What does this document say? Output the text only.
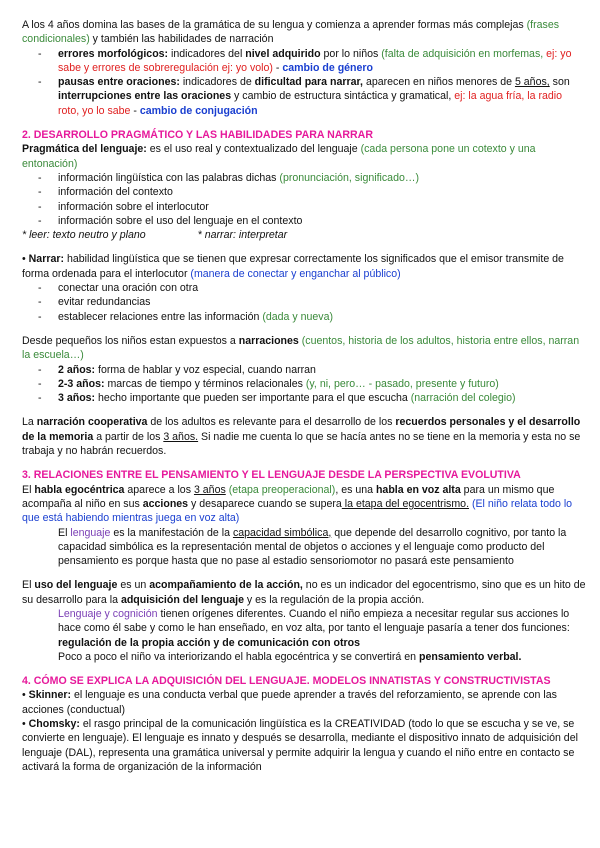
A los 4 años domina las bases de la gramática de su lengua y comienza a aprender formas más complejas (frases condicionales) y también las habilidades de narración

- errores morfológicos: indicadores del nivel adquirido por lo niños (falta de adquisición en morfemas, ej: yo sabe y errores de sobreregulación ej: yo volo) - cambio de género
- pausas entre oraciones: indicadores de dificultad para narrar, aparecen en niños menores de 5 años, son interrupciones entre las oraciones y cambio de estructura sintáctica y gramatical, ej: la agua fría, la radio roto, yo lo sabe - cambio de conjugación

2. DESARROLLO PRAGMÁTICO Y LAS HABILIDADES PARA NARRAR

Pragmática del lenguaje: es el uso real y contextualizado del lenguaje (cada persona pone un cotexto y una entonación)

- información lingüística con las palabras dichas (pronunciación, significado…)
- información del contexto
- información sobre el interlocutor
- información sobre el uso del lenguaje en el contexto

* leer: texto neutro y plano	* narrar: interpretar

• Narrar: habilidad lingüística que se tienen que expresar correctamente los significados que el emisor transmite de forma ordenada para el interlocutor (manera de conectar y enganchar al público)

- conectar una oración con otra
- evitar redundancias
- establecer relaciones entre las información (dada y nueva)

Desde pequeños los niños estan expuestos a narraciones (cuentos, historia de los adultos, historia entre ellos, narran la escuela…)

- 2 años: forma de hablar y voz especial, cuando narran
- 2-3 años: marcas de tiempo y términos relacionales (y, ni, pero… - pasado, presente y futuro)
- 3 años: hecho importante que pueden ser importante para el que escucha (narración del colegio)

La narración cooperativa de los adultos es relevante para el desarrollo de los recuerdos personales y el desarrollo de la memoria a partir de los 3 años. Si nadie me cuenta lo que se hacía antes no se tiene en la memoria y esta no se trabaja y no habrán recuerdos.

3. RELACIONES ENTRE EL PENSAMIENTO Y EL LENGUAJE DESDE LA PERSPECTIVA EVOLUTIVA

El habla egocéntrica aparece a los 3 años (etapa preoperacional), es una habla en voz alta para un mismo que acompaña al niño en sus acciones y desaparece cuando se supera la etapa del egocentrismo. (El niño relata todo lo que está habiendo mientras juega en voz alta)

El lenguaje es la manifestación de la capacidad simbólica, que depende del desarrollo cognitivo, por tanto la capacidad simbólica es la representación mental de objetos o acciones y el lenguaje como producto del pensamiento es porque hasta que no pase al estadio sensoriomotor no pasará este pensamiento

El uso del lenguaje es un acompañamiento de la acción, no es un indicador del egocentrismo, sino que es un hito de su desarrollo para la adquisición del lenguaje y es la regulación de la propia acción.

Lenguaje y cognición tienen orígenes diferentes. Cuando el niño empieza a necesitar regular sus acciones lo hace como él sabe y como le han enseñado, en voz alta, por tanto el lenguaje pasaría a tener dos funciones: regulación de la propia acción y de comunicación con otros

Poco a poco el niño va interiorizando el habla egocéntrica y se convertirá en pensamiento verbal.

4. CÓMO SE EXPLICA LA ADQUISICIÓN DEL LENGUAJE. MODELOS INNATISTAS Y CONSTRUCTIVISTAS

• Skinner: el lenguaje es una conducta verbal que puede aprender a través del reforzamiento, se aprende con las acciones (conductual)

• Chomsky: el rasgo principal de la comunicación lingüística es la CREATIVIDAD (todo lo que se escucha y se ve, se convierte en lenguaje). El lenguaje es innato y después se desarrolla, mediante el dispositivo innato de adquisición del lenguaje (DAL), representa una gramática universal y permite adquirir la lengua y cuando el niño entre en contacto se activará la forma de organización de la información
